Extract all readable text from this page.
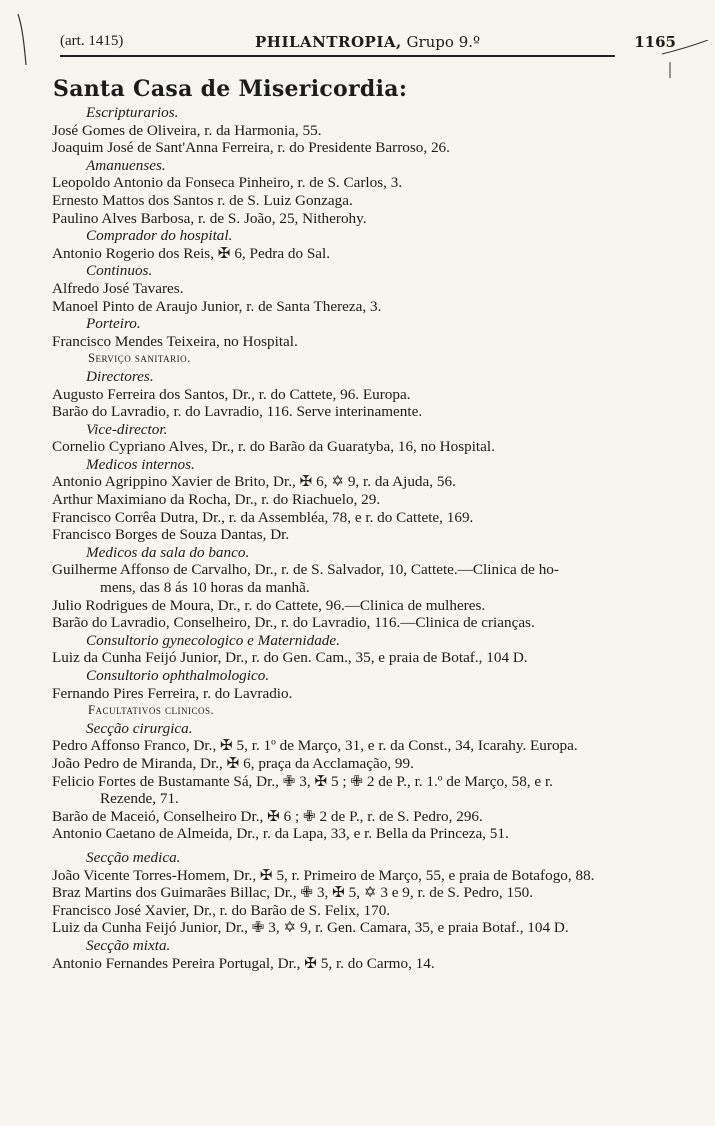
(art. 1415)	PHILANTROPIA, Grupo 9.º	1165
Santa Casa de Misericordia:
Escripturarios.
José Gomes de Oliveira, r. da Harmonia, 55.
Joaquim José de Sant'Anna Ferreira, r. do Presidente Barroso, 26.
Amanuenses.
Leopoldo Antonio da Fonseca Pinheiro, r. de S. Carlos, 3.
Ernesto Mattos dos Santos r. de S. Luiz Gonzaga.
Paulino Alves Barbosa, r. de S. João, 25, Nitherohy.
Comprador do hospital.
Antonio Rogerio dos Reis, ✠ 6, Pedra do Sal.
Continuos.
Alfredo José Tavares.
Manoel Pinto de Araujo Junior, r. de Santa Thereza, 3.
Porteiro.
Francisco Mendes Teixeira, no Hospital.
Serviço sanitario.
Directores.
Augusto Ferreira dos Santos, Dr., r. do Cattete, 96. Europa.
Barão do Lavradio, r. do Lavradio, 116. Serve interinamente.
Vice-director.
Cornelio Cypriano Alves, Dr., r. do Barão da Guaratyba, 16, no Hospital.
Medicos internos.
Antonio Agrippino Xavier de Brito, Dr., ✠ 6, ✡ 9, r. da Ajuda, 56.
Arthur Maximiano da Rocha, Dr., r. do Riachuelo, 29.
Francisco Corrêa Dutra, Dr., r. da Assembléa, 78, e r. do Cattete, 169.
Francisco Borges de Souza Dantas, Dr.
Medicos da sala do banco.
Guilherme Affonso de Carvalho, Dr., r. de S. Salvador, 10, Cattete.—Clinica de ho-
mens, das 8 ás 10 horas da manhã.
Julio Rodrigues de Moura, Dr., r. do Cattete, 96.—Clinica de mulheres.
Barão do Lavradio, Conselheiro, Dr., r. do Lavradio, 116.—Clinica de crianças.
Consultorio gynecologico e Maternidade.
Luiz da Cunha Feijó Junior, Dr., r. do Gen. Cam., 35, e praia de Botaf., 104 D.
Consultorio ophthalmologico.
Fernando Pires Ferreira, r. do Lavradio.
Facultativos clinicos.
Secção cirurgica.
Pedro Affonso Franco, Dr., ✠ 5, r. 1º de Março, 31, e r. da Const., 34, Icarahy. Europa.
João Pedro de Miranda, Dr., ✠ 6, praça da Acclamação, 99.
Felicio Fortes de Bustamante Sá, Dr., ✙ 3, ✠ 5 ; ✙ 2 de P., r. 1.º de Março, 58, e r.
Rezende, 71.
Barão de Maceió, Conselheiro Dr., ✠ 6 ; ✙ 2 de P., r. de S. Pedro, 296.
Antonio Caetano de Almeida, Dr., r. da Lapa, 33, e r. Bella da Princeza, 51.
Secção medica.
João Vicente Torres-Homem, Dr., ✠ 5, r. Primeiro de Março, 55, e praia de Botafogo, 88.
Braz Martins dos Guimarães Billac, Dr., ✙ 3, ✠ 5, ✡ 3 e 9, r. de S. Pedro, 150.
Francisco José Xavier, Dr., r. do Barão de S. Felix, 170.
Luiz da Cunha Feijó Junior, Dr., ✙ 3, ✡ 9, r. Gen. Camara, 35, e praia Botaf., 104 D.
Secção mixta.
Antonio Fernandes Pereira Portugal, Dr., ✠ 5, r. do Carmo, 14.
